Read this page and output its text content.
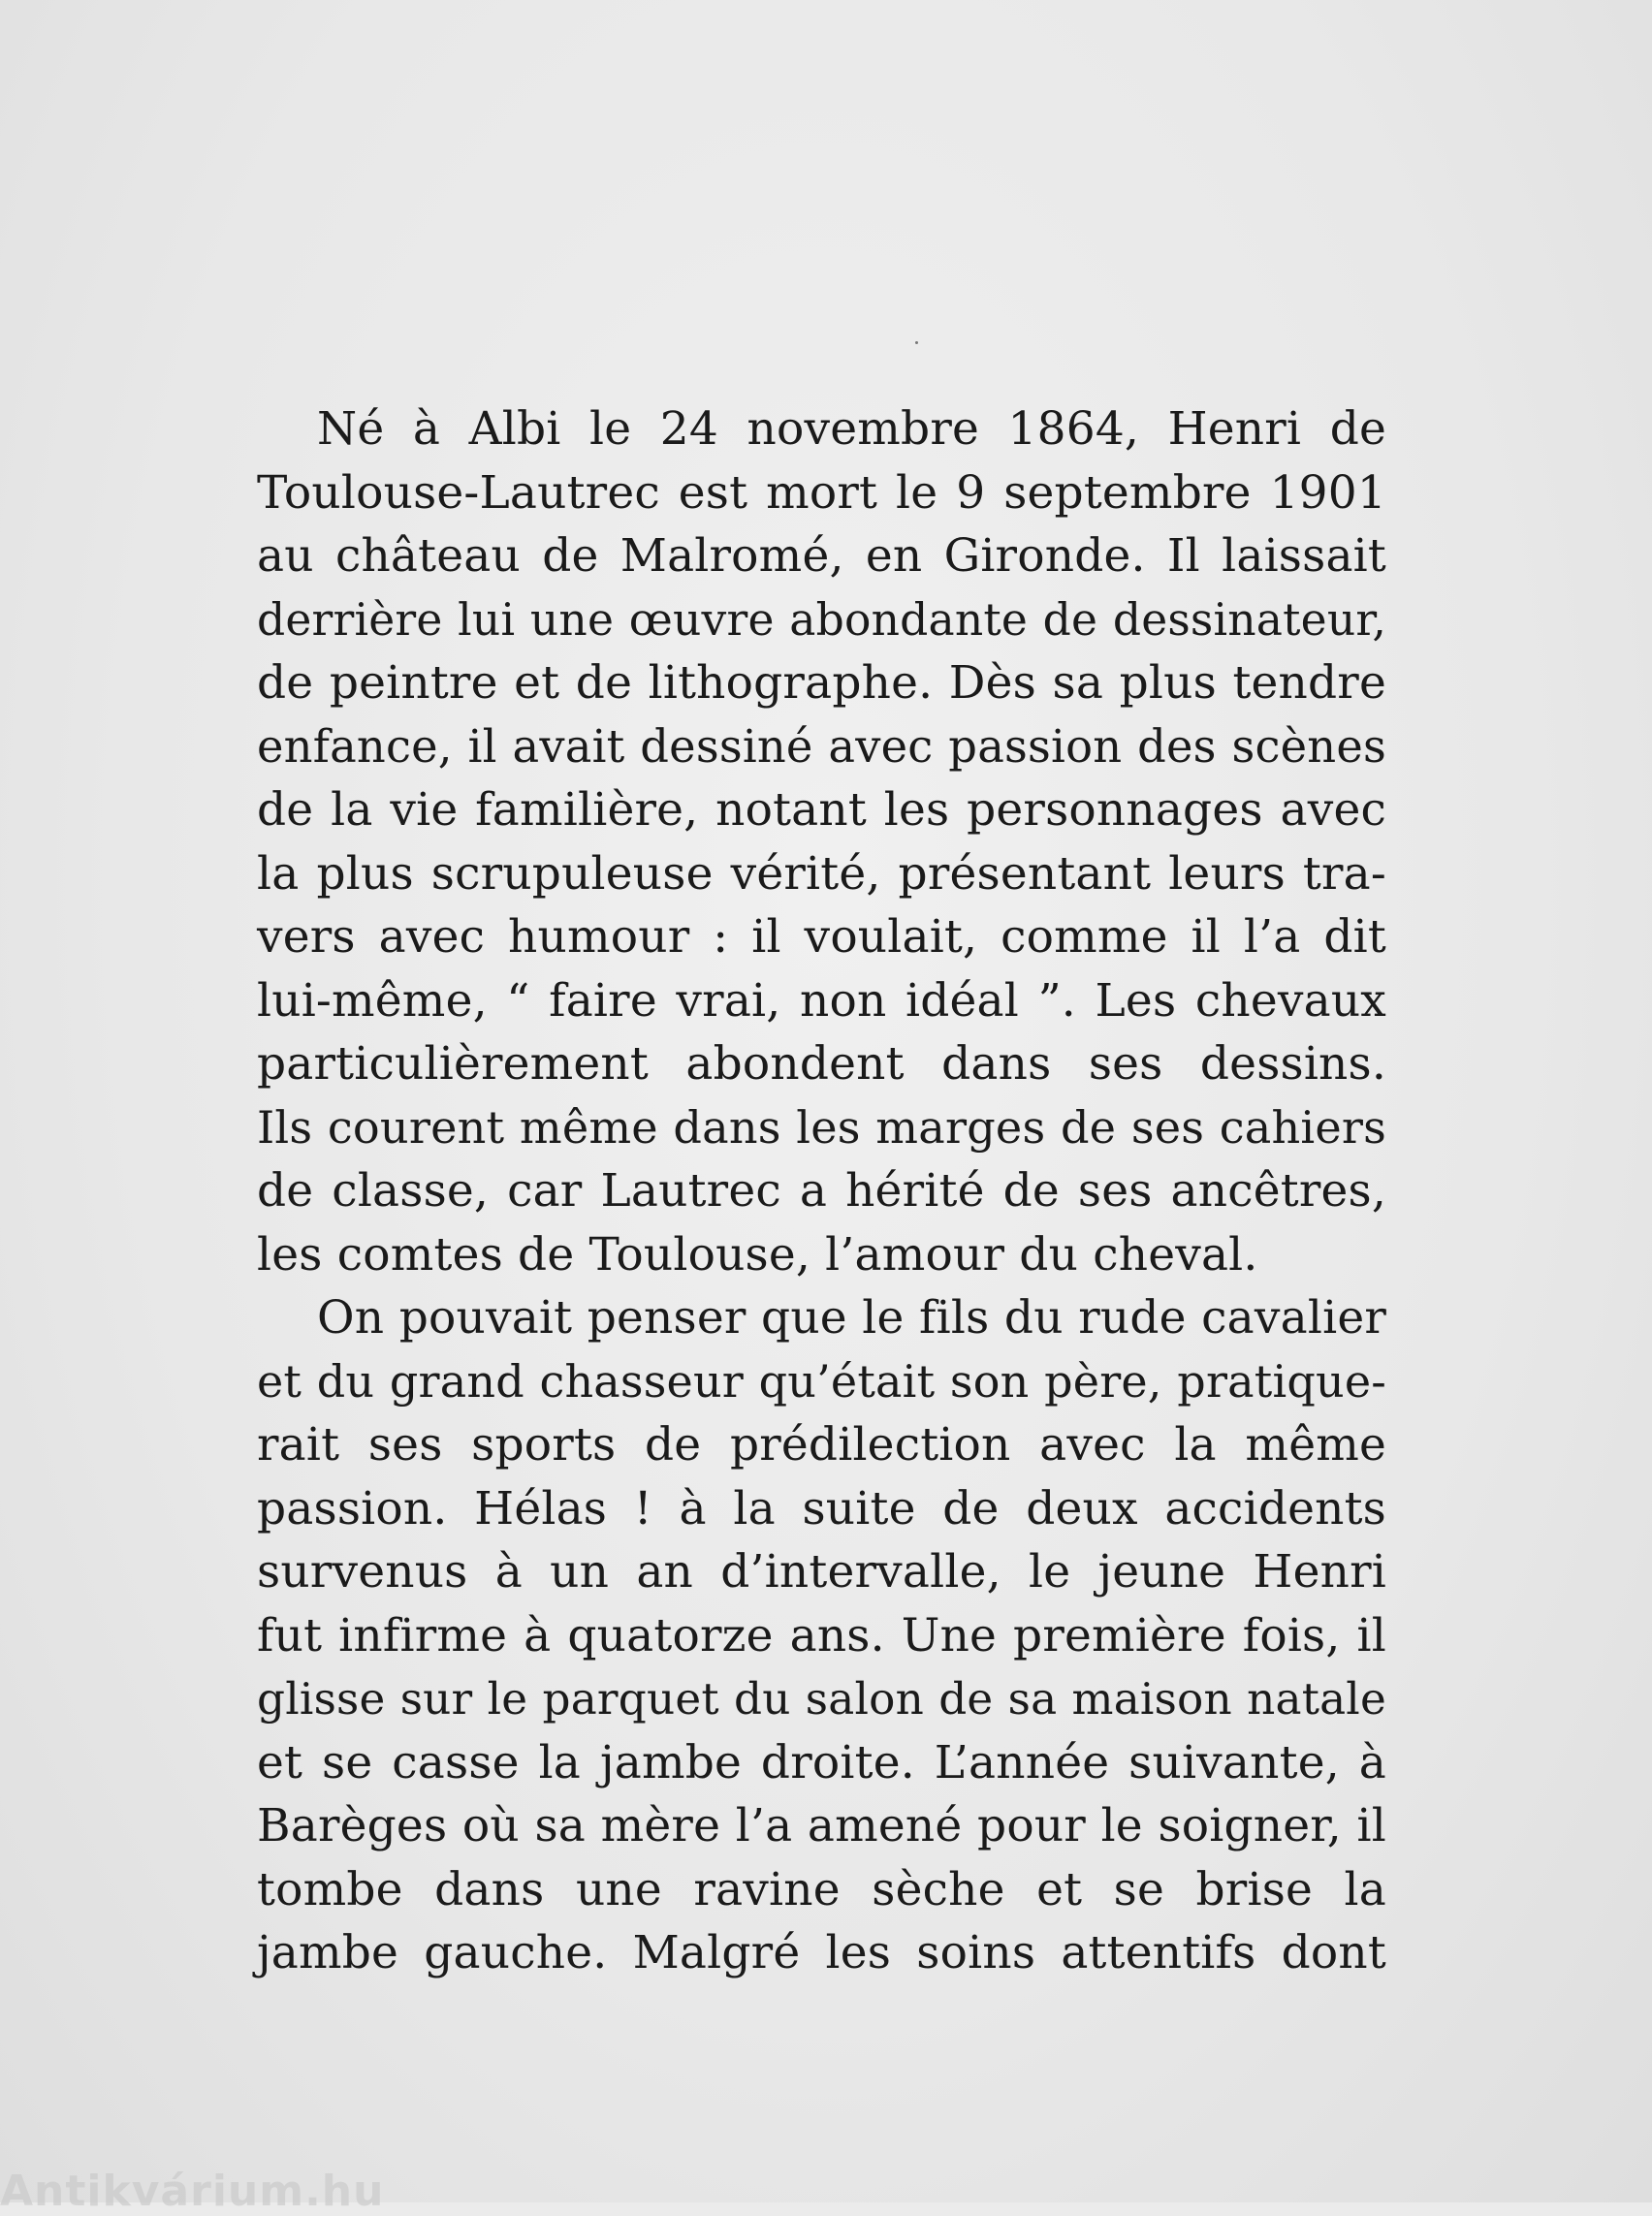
Né à Albi le 24 novembre 1864, Henri de
Toulouse-Lautrec est mort le 9 septembre 1901
au château de Malromé, en Gironde. Il laissait
derrière lui une œuvre abondante de dessinateur,
de peintre et de lithographe. Dès sa plus tendre
enfance, il avait dessiné avec passion des scènes
de la vie familière, notant les personnages avec
la plus scrupuleuse vérité, présentant leurs tra-
vers avec humour : il voulait, comme il l’a dit
lui-même, “ faire vrai, non idéal ”. Les chevaux
particulièrement abondent dans ses dessins.
Ils courent même dans les marges de ses cahiers
de classe, car Lautrec a hérité de ses ancêtres,
les comtes de Toulouse, l’amour du cheval.
On pouvait penser que le fils du rude cavalier
et du grand chasseur qu’était son père, pratique-
rait ses sports de prédilection avec la même
passion. Hélas ! à la suite de deux accidents
survenus à un an d’intervalle, le jeune Henri
fut infirme à quatorze ans. Une première fois, il
glisse sur le parquet du salon de sa maison natale
et se casse la jambe droite. L’année suivante, à
Barèges où sa mère l’a amené pour le soigner, il
tombe dans une ravine sèche et se brise la
jambe gauche. Malgré les soins attentifs dont
Antikvárium.hu
